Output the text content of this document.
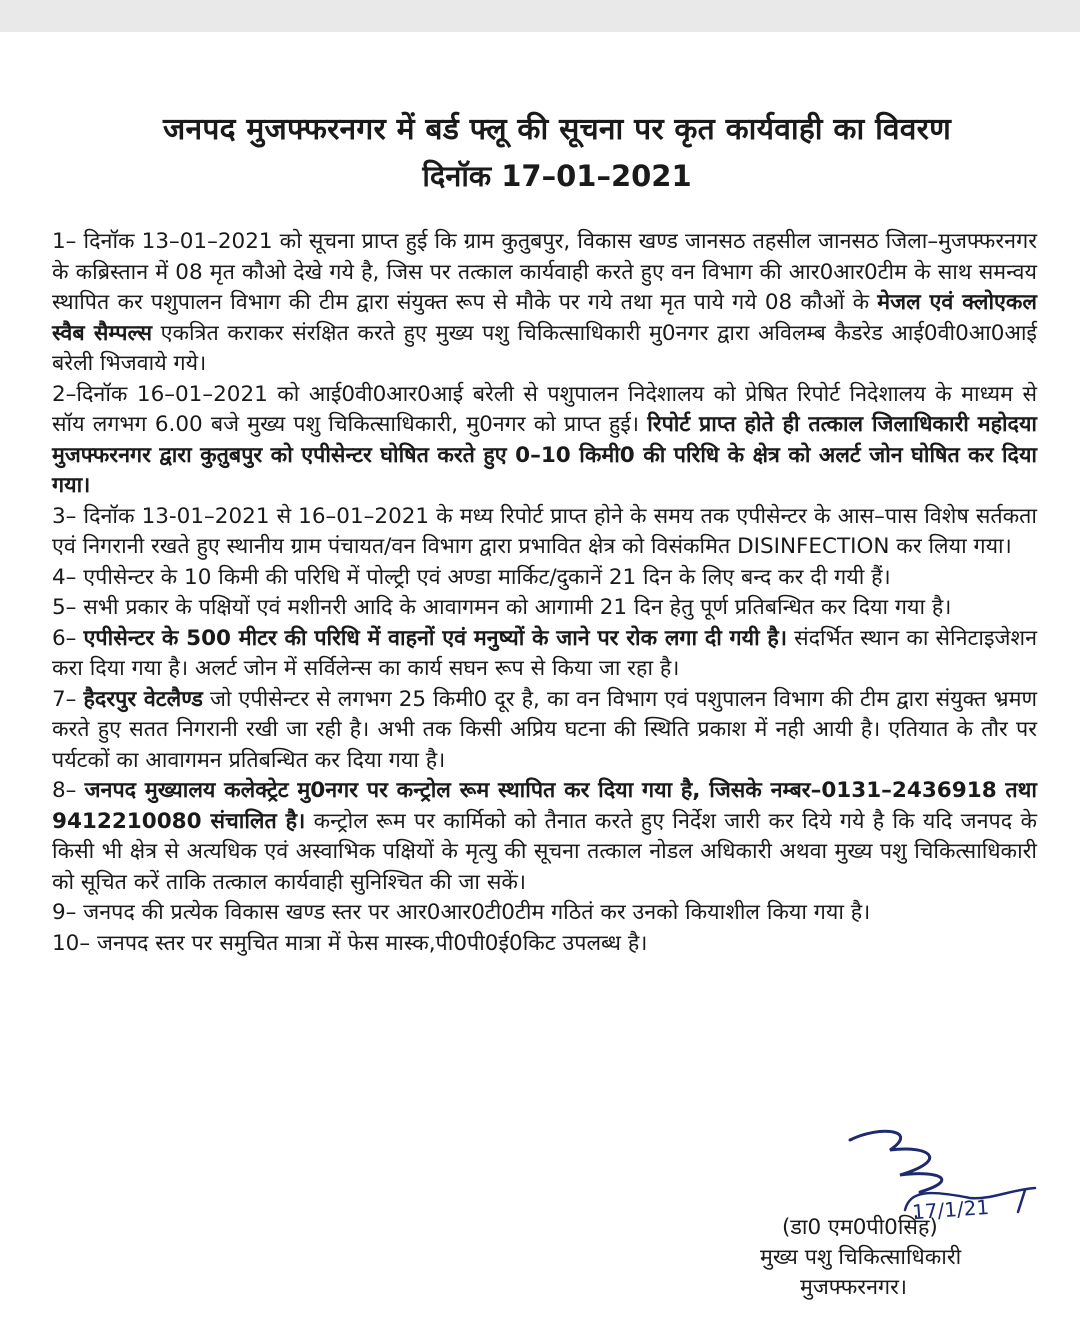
जनपद मुजफ्फरनगर में बर्ड फ्लू की सूचना पर कृत कार्यवाही का विवरण
दिनॉक 17–01–2021

1– दिनॉक 13–01–2021 को सूचना प्राप्त हुई कि ग्राम कुतुबपुर, विकास खण्ड जानसठ तहसील जानसठ जिला–मुजफ्फरनगर के कब्रिस्तान में 08 मृत कौओ देखे गये है, जिस पर तत्काल कार्यवाही करते हुए वन विभाग की आर0आर0टीम के साथ समन्वय स्थापित कर पशुपालन विभाग की टीम द्वारा संयुक्त रूप से मौके पर गये तथा मृत पाये गये 08 कौओं के मेजल एवं क्लोएकल स्वैब सैम्पल्स एकत्रित कराकर संरक्षित करते हुए मुख्य पशु चिकित्साधिकारी मु0नगर द्वारा अविलम्ब कैडरेड आई0वी0आ0आई बरेली भिजवाये गये।

2–दिनॉक 16–01–2021 को आई0वी0आर0आई बरेली से पशुपालन निदेशालय को प्रेषित रिपोर्ट निदेशालय के माध्यम से सॉय लगभग 6.00 बजे मुख्य पशु चिकित्साधिकारी, मु0नगर को प्राप्त हुई। रिपोर्ट प्राप्त होते ही तत्काल जिलाधिकारी महोदया मुजफ्फरनगर द्वारा कुतुबपुर को एपीसेन्टर घोषित करते हुए 0–10 किमी0 की परिधि के क्षेत्र को अलर्ट जोन घोषित कर दिया गया।

3– दिनॉक 13-01–2021 से 16–01–2021 के मध्य रिपोर्ट प्राप्त होने के समय तक एपीसेन्टर के आस–पास विशेष सर्तकता एवं निगरानी रखते हुए स्थानीय ग्राम पंचायत/वन विभाग द्वारा प्रभावित क्षेत्र को विसंकमित DISINFECTION कर लिया गया।

4– एपीसेन्टर के 10 किमी की परिधि में पोल्ट्री एवं अण्डा मार्किट/दुकानें 21 दिन के लिए बन्द कर दी गयी हैं।

5– सभी प्रकार के पक्षियों एवं मशीनरी आदि के आवागमन को आगामी 21 दिन हेतु पूर्ण प्रतिबन्धित कर दिया गया है।

6– एपीसेन्टर के 500 मीटर की परिधि में वाहनों एवं मनुष्यों के जाने पर रोक लगा दी गयी है। संदर्भित स्थान का सेनिटाइजेशन करा दिया गया है। अलर्ट जोन में सर्विलेन्स का कार्य सघन रूप से किया जा रहा है।

7– हैदरपुर वेटलैण्ड जो एपीसेन्टर से लगभग 25 किमी0 दूर है, का वन विभाग एवं पशुपालन विभाग की टीम द्वारा संयुक्त भ्रमण करते हुए सतत निगरानी रखी जा रही है। अभी तक किसी अप्रिय घटना की स्थिति प्रकाश में नही आयी है। एतियात के तौर पर पर्यटकों का आवागमन प्रतिबन्धित कर दिया गया है।

8– जनपद मुख्यालय कलेक्ट्रेट मु0नगर पर कन्ट्रोल रूम स्थापित कर दिया गया है, जिसके नम्बर–0131–2436918 तथा 9412210080 संचालित है। कन्ट्रोल रूम पर कार्मिको को तैनात करते हुए निर्देश जारी कर दिये गये है कि यदि जनपद के किसी भी क्षेत्र से अत्यधिक एवं अस्वाभिक पक्षियों के मृत्यु की सूचना तत्काल नोडल अधिकारी अथवा मुख्य पशु चिकित्साधिकारी को सूचित करें ताकि तत्काल कार्यवाही सुनिश्चित की जा सकें।

9– जनपद की प्रत्येक विकास खण्ड स्तर पर आर0आर0टी0टीम गठितं कर उनको कियाशील किया गया है।

10– जनपद स्तर पर समुचित मात्रा में फेस मास्क,पी0पी0ई0किट उपलब्ध है।

17/1/21
(डा0 एम0पी0सिंह)
मुख्य पशु चिकित्साधिकारी
मुजफ्फरनगर।
